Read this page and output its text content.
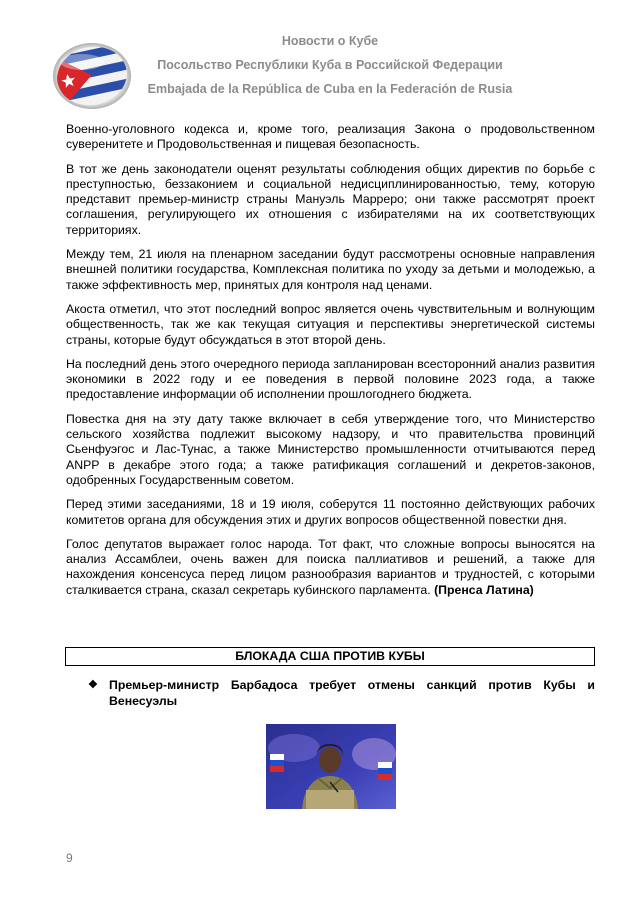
Новости о Кубе
Посольство Республики Куба в Российской Федерации
Embajada de la República de Cuba en la Federación de Rusia

Военно-уголовного кодекса и, кроме того, реализация Закона о продовольственном суверенитете и Продовольственная и пищевая безопасность.

В тот же день законодатели оценят результаты соблюдения общих директив по борьбе с преступностью, беззаконием и социальной недисциплинированностью, тему, которую представит премьер-министр страны Мануэль Марреро; они также рассмотрят проект соглашения, регулирующего их отношения с избирателями на их соответствующих территориях.

Между тем, 21 июля на пленарном заседании будут рассмотрены основные направления внешней политики государства, Комплексная политика по уходу за детьми и молодежью, а также эффективность мер, принятых для контроля над ценами.

Акоста отметил, что этот последний вопрос является очень чувствительным и волнующим общественность, так же как текущая ситуация и перспективы энергетической системы страны, которые будут обсуждаться в этот второй день.

На последний день этого очередного периода запланирован всесторонний анализ развития экономики в 2022 году и ее поведения в первой половине 2023 года, а также предоставление информации об исполнении прошлогоднего бюджета.

Повестка дня на эту дату также включает в себя утверждение того, что Министерство сельского хозяйства подлежит высокому надзору, и что правительства провинций Сьенфуэгос и Лас-Тунас, а также Министерство промышленности отчитываются перед ANPP в декабре этого года; а также ратификация соглашений и декретов-законов, одобренных Государственным советом.

Перед этими заседаниями, 18 и 19 июля, соберутся 11 постоянно действующих рабочих комитетов органа для обсуждения этих и других вопросов общественной повестки дня.

Голос депутатов выражает голос народа. Тот факт, что сложные вопросы выносятся на анализ Ассамблеи, очень важен для поиска паллиативов и решений, а также для нахождения консенсуса перед лицом разнообразия вариантов и трудностей, с которыми сталкивается страна, сказал секретарь кубинского парламента. (Пренса Латина)

БЛОКАДА США ПРОТИВ КУБЫ
❖ Премьер-министр Барбадоса требует отмены санкций против Кубы и Венесуэлы
9
